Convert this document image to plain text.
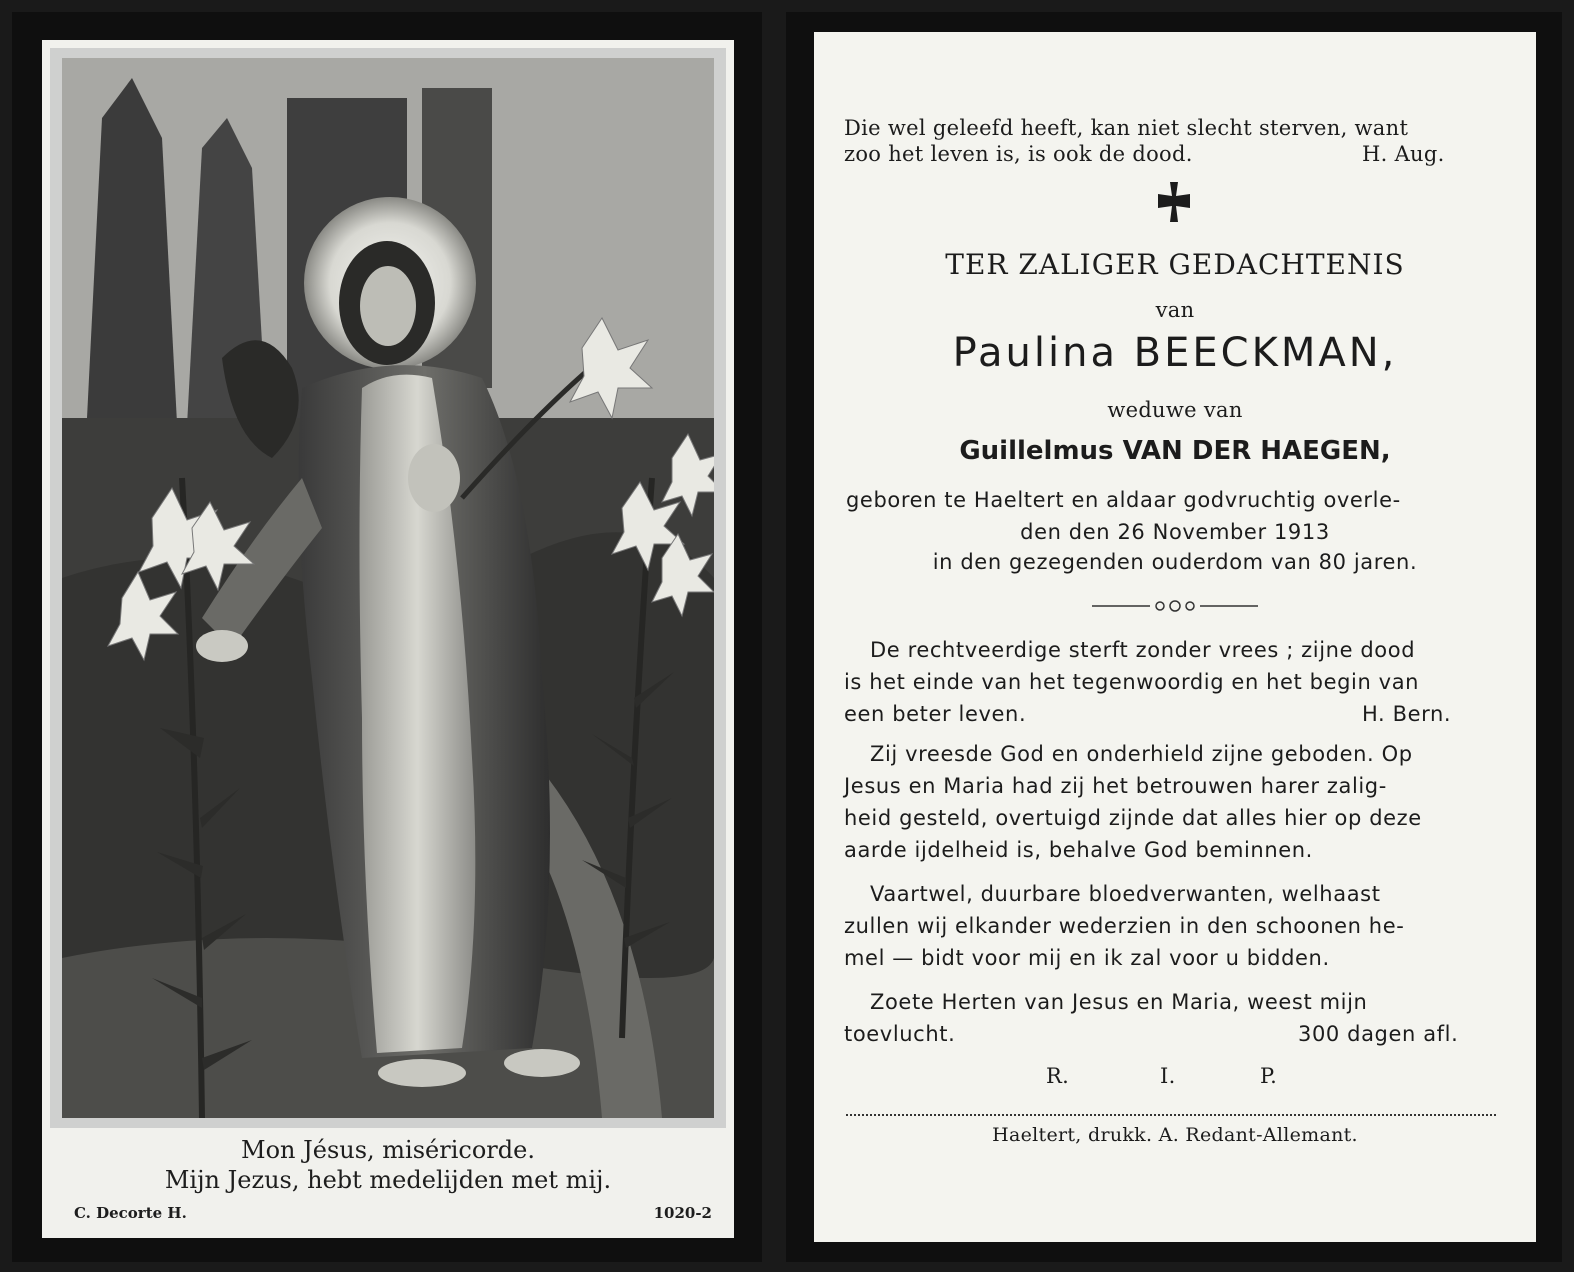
Mon Jésus, miséricorde.
Mijn Jezus, hebt medelijden met mij.
C. Decorte H.	1020-2
Die wel geleefd heeft, kan niet slecht sterven, want
zoo het leven is, is ook de dood.	H. Aug.
TER ZALIGER GEDACHTENIS
van
Paulina BEECKMAN,
weduwe van
Guillelmus VAN DER HAEGEN,
geboren te Haeltert en aldaar godvruchtig overle-
den den 26 November 1913
in den gezegenden ouderdom van 80 jaren.
De rechtveerdige sterft zonder vrees ; zijne dood
is het einde van het tegenwoordig en het begin van
een beter leven.	H. Bern.
Zij vreesde God en onderhield zijne geboden. Op
Jesus en Maria had zij het betrouwen harer zalig-
heid gesteld, overtuigd zijnde dat alles hier op deze
aarde ijdelheid is, behalve God beminnen.
Vaartwel, duurbare bloedverwanten, welhaast
zullen wij elkander wederzien in den schoonen he-
mel — bidt voor mij en ik zal voor u bidden.
Zoete Herten van Jesus en Maria, weest mijn
toevlucht.	300 dagen afl.
R.	I.	P.
Haeltert, drukk. A. Redant-Allemant.
